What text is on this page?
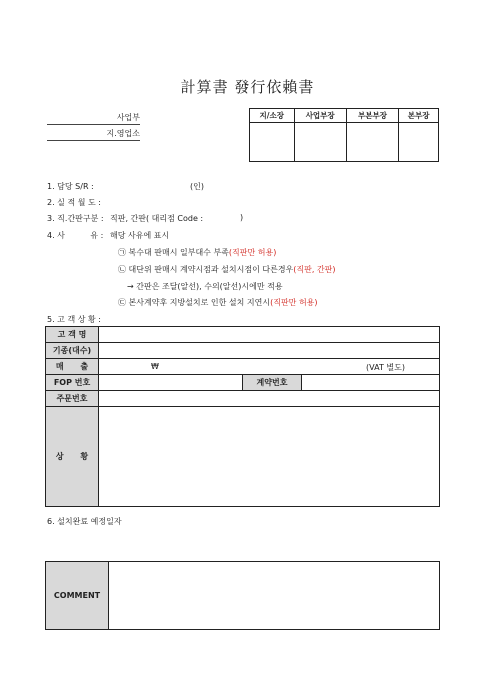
計算書 發行依賴書
사업부
지.영업소
지/소장	사업부장	부본부장	본부장

1. 담당 S/R :	(인)
2. 실 적 월 도 :
3. 직.간판구분 : 직판, 간판( 대리점 Code :	)
4. 사          유 : 해당 사유에 표시
㉠ 복수대 판매시 일부대수 부족(직판만 허용)
㉡ 대단위 판매시 계약시점과 설치시점이 다른경우(직판, 간판)
→ 간판은 조달(알선), 수의(알선)시에만 적용
㉢ 본사계약후 지방설치로 인한 설치 지연시(직판만 허용)
5. 고 객 상 황 :
고 객 명			
기종(대수)			
매      출	₩ (VAT 별도)		

FOP 번호		계약번호	
주문번호			
상      황			
6. 설치완료 예정일자
COMMENT	
